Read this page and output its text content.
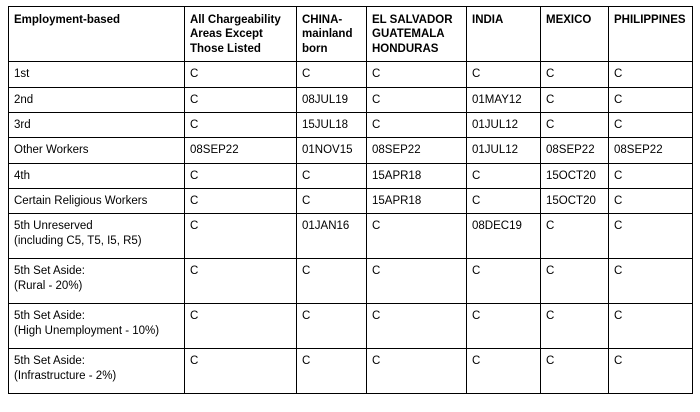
Employment-based	All Chargeability Areas Except Those Listed	CHINA-mainland born	EL SALVADOR GUATEMALA HONDURAS	INDIA	MEXICO	PHILIPPINES

1st	C	C	C	C	C	C

2nd	C	08JUL19	C	01MAY12	C	C

3rd	C	15JUL18	C	01JUL12	C	C

Other Workers	08SEP22	01NOV15	08SEP22	01JUL12	08SEP22	08SEP22

4th	C	C	15APR18	C	15OCT20	C

Certain Religious Workers	C	C	15APR18	C	15OCT20	C

5th Unreserved
(including C5, T5, I5, R5)	C	01JAN16	C	08DEC19	C	C

5th Set Aside:
(Rural - 20%)	C	C	C	C	C	C

5th Set Aside:
(High Unemployment - 10%)	C	C	C	C	C	C

5th Set Aside:
(Infrastructure - 2%)	C	C	C	C	C	C
